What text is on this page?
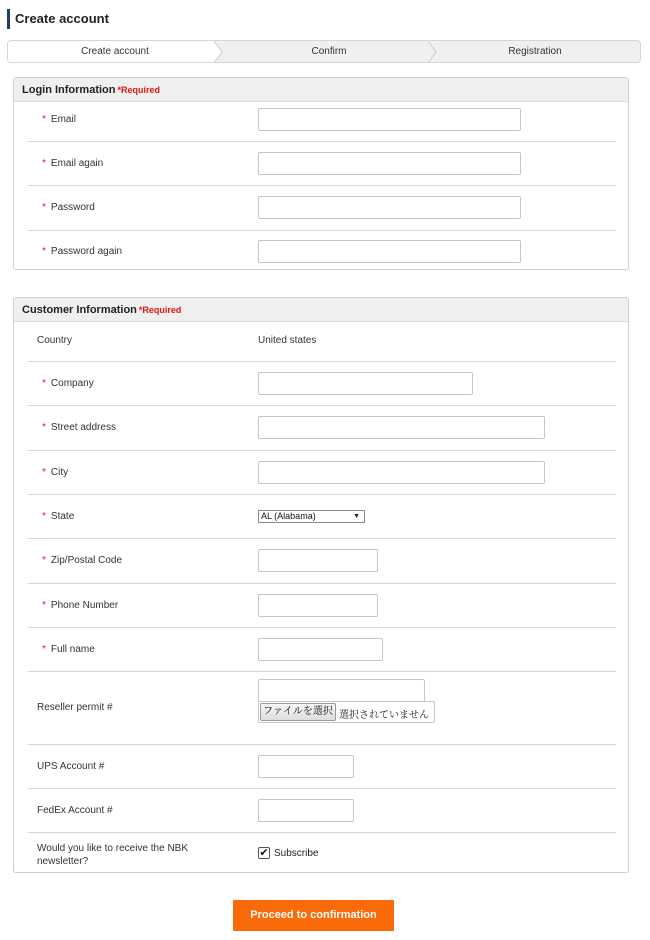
Create account
Create account	Confirm	Registration
Login Information *Required
* Email
* Email again
* Password
* Password again
Customer Information *Required
Country	United states
* Company
* Street address
* City
* State	AL (Alabama)	▼
* Zip/Postal Code
* Phone Number
* Full name
Reseller permit #	ファイルを選択 選択されていません
UPS Account #
FedEx Account #
Would you like to receive the NBK
newsletter?
✔ Subscribe
Proceed to confirmation
